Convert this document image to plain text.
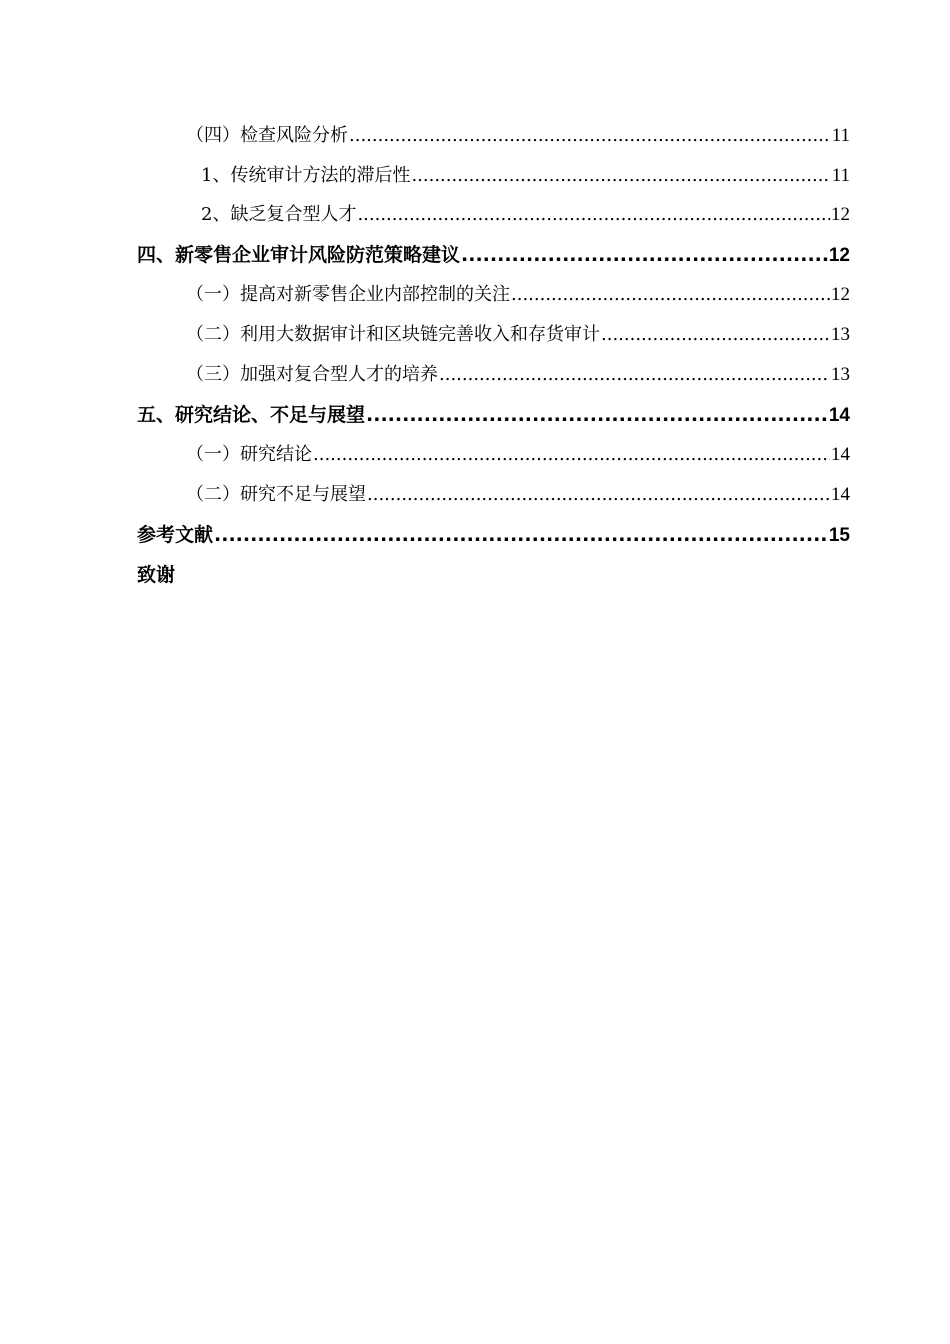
（四）检查风险分析 .....	11
1、传统审计方法的滞后性 .....	11
2、缺乏复合型人才 .....	12
四、新零售企业审计风险防范策略建议 .....	12
（一）提高对新零售企业内部控制的关注 .....	12
（二）利用大数据审计和区块链完善收入和存货审计 .....	13
（三）加强对复合型人才的培养 .....	13
五、研究结论、不足与展望 .....	14
（一）研究结论 .....	14
（二）研究不足与展望 .....	14
参考文献 .....	15
致谢
